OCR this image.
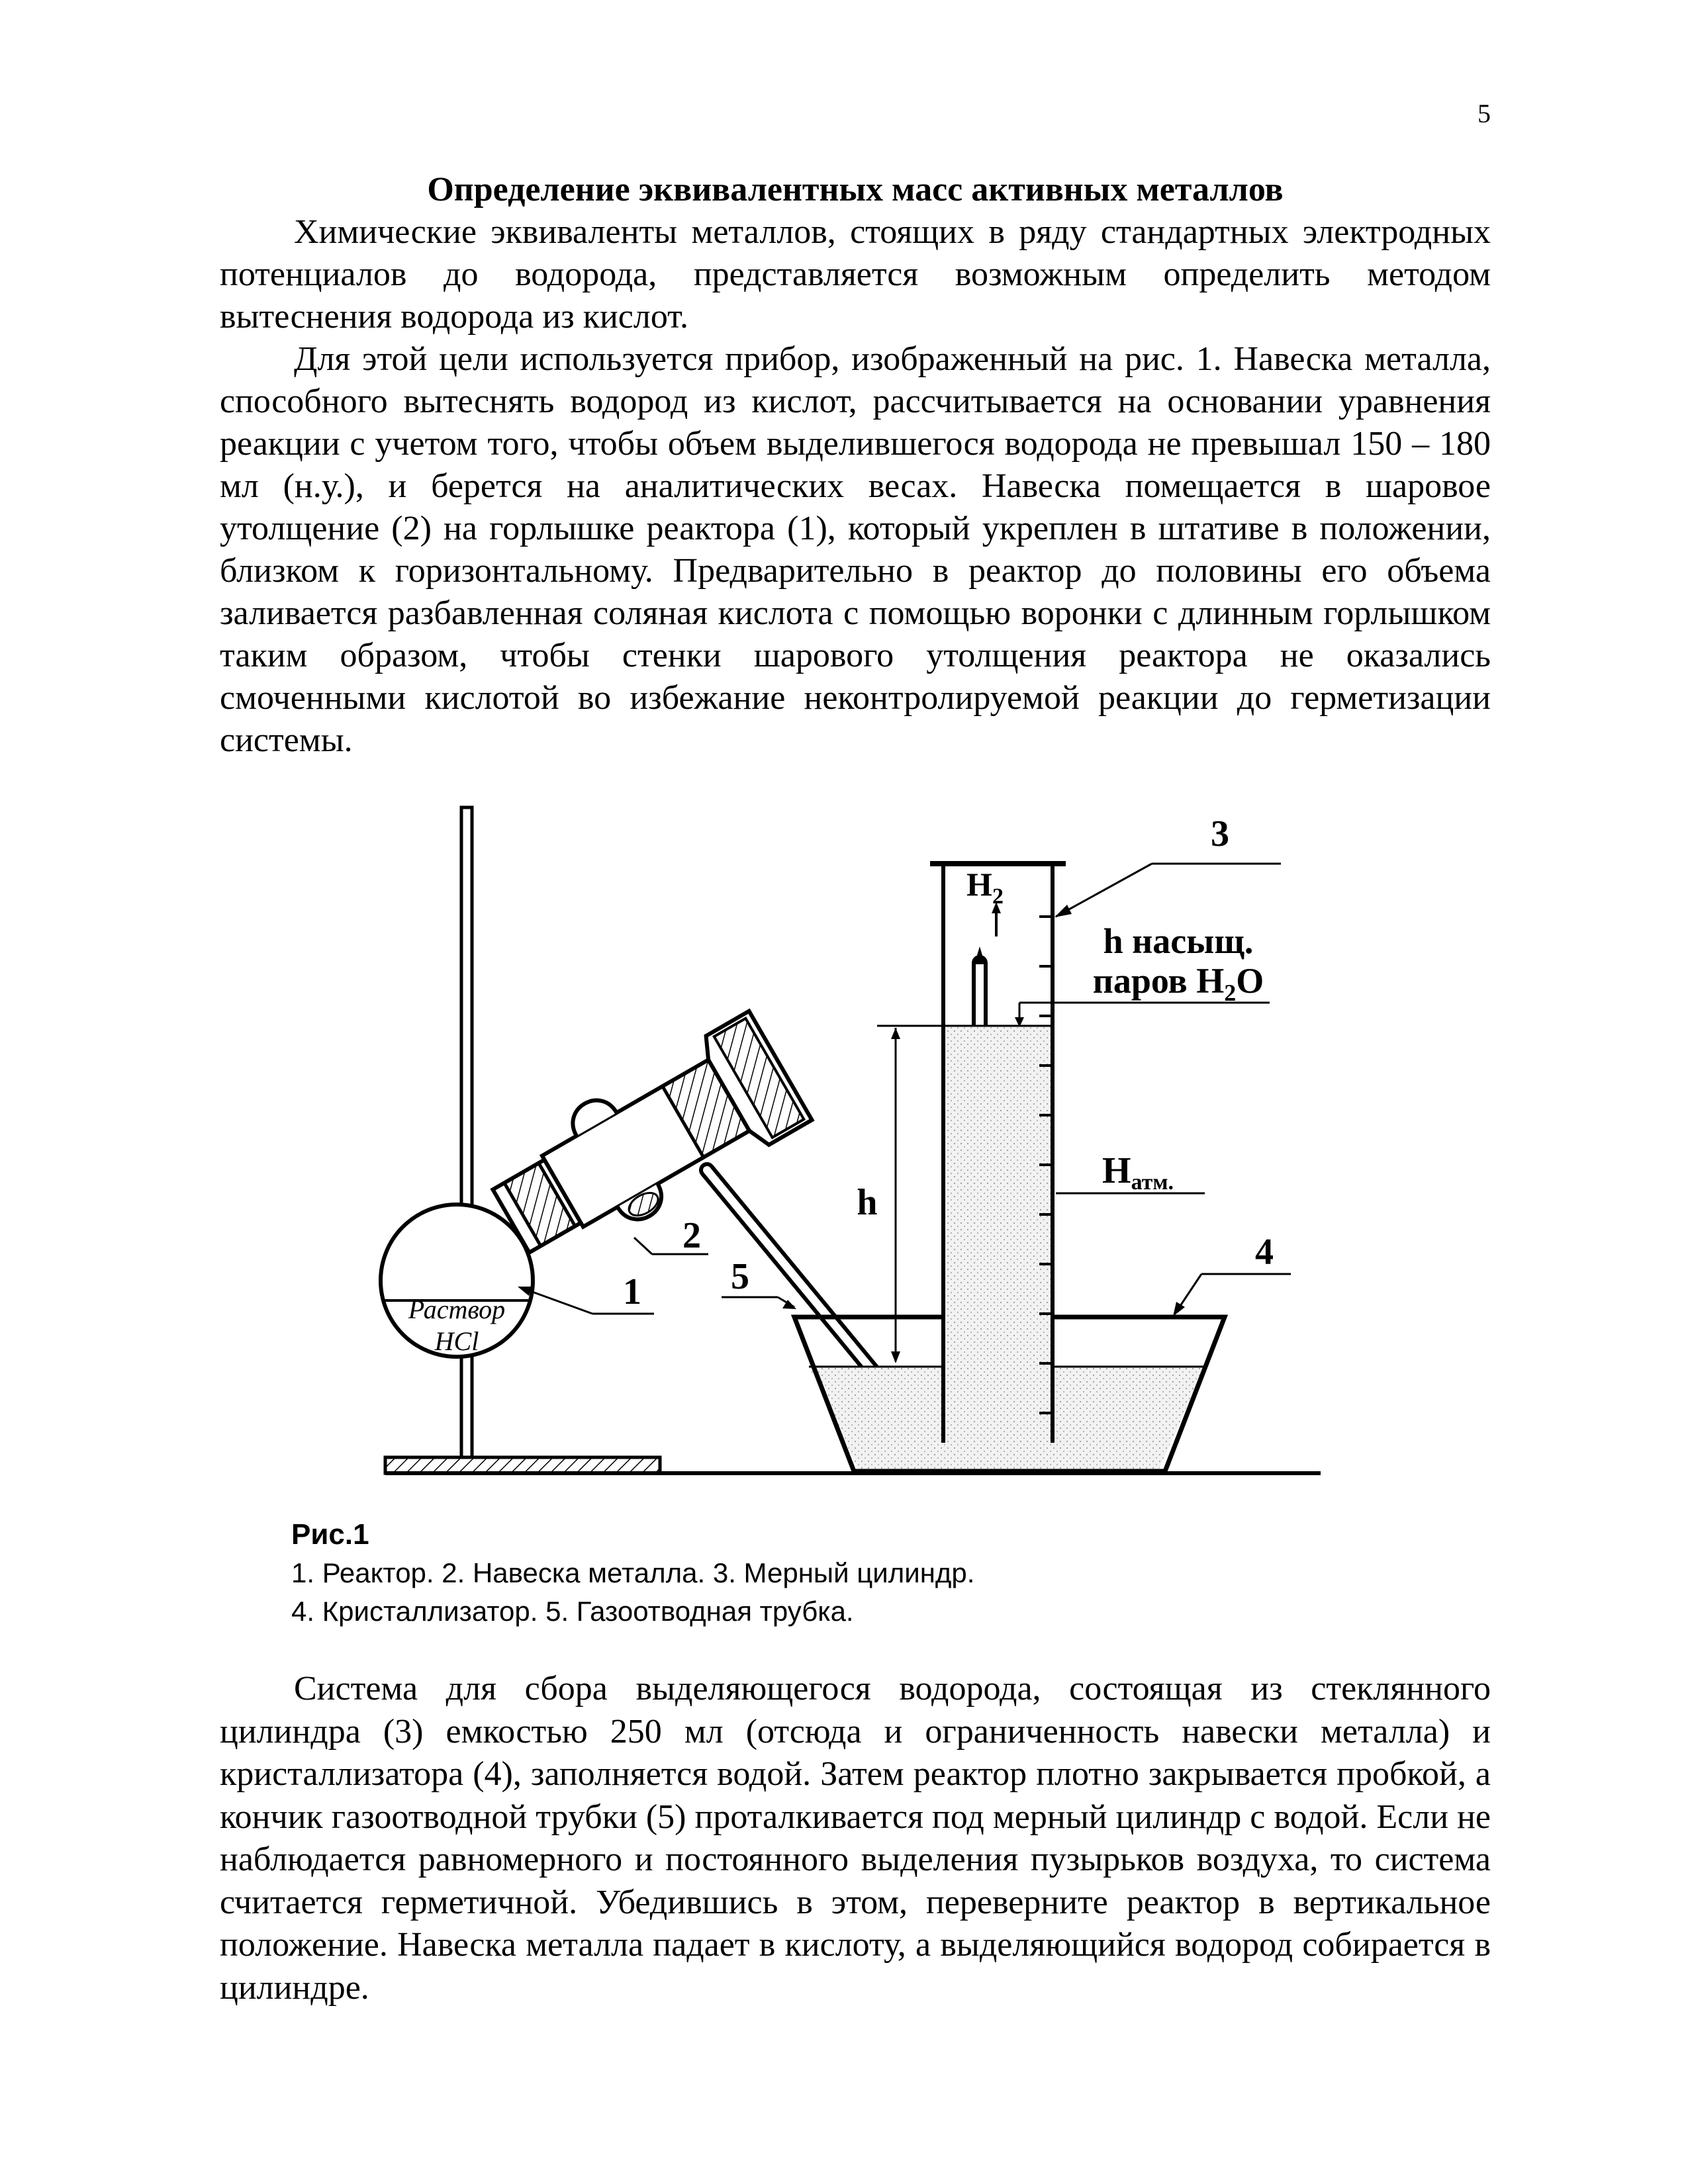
5

Определение эквивалентных масс активных металлов

Химические эквиваленты металлов, стоящих в ряду стандартных электродных потенциалов до водорода, представляется возможным определить методом вытеснения водорода из кислот.

Для этой цели используется прибор, изображенный на рис. 1. Навеска металла, способного вытеснять водород из кислот, рассчитывается на основании уравнения реакции с учетом того, чтобы объем выделившегося водорода не превышал 150 – 180 мл (н.у.), и берется на аналитических весах. Навеска помещается в шаровое утолщение (2) на горлышке реактора (1), который укреплен в штативе в положении, близком к горизонтальному. Предварительно в реактор до половины его объема заливается разбавленная соляная кислота с помощью воронки с длинным горлышком таким образом, чтобы стенки шарового утолщения реактора не оказались смоченными кислотой во избежание неконтролируемой реакции до герметизации системы.

Раствор
HCl
$H_2$
3
h насыщ.
паров $H_2O$
h
Hатм.
4
2
5
1
Рис.1
1. Реактор. 2. Навеска металла. 3. Мерный цилиндр.
4. Кристаллизатор. 5. Газоотводная трубка.

Система для сбора выделяющегося водорода, состоящая из стеклянного цилиндра (3) емкостью 250 мл (отсюда и ограниченность навески металла) и кристаллизатора (4), заполняется водой. Затем реактор плотно закрывается пробкой, а кончик газоотводной трубки (5) проталкивается под мерный цилиндр с водой. Если не наблюдается равномерного и постоянного выделения пузырьков воздуха, то система считается герметичной. Убедившись в этом, переверните реактор в вертикальное положение. Навеска металла падает в кислоту, а выделяющийся водород собирается в цилиндре.
